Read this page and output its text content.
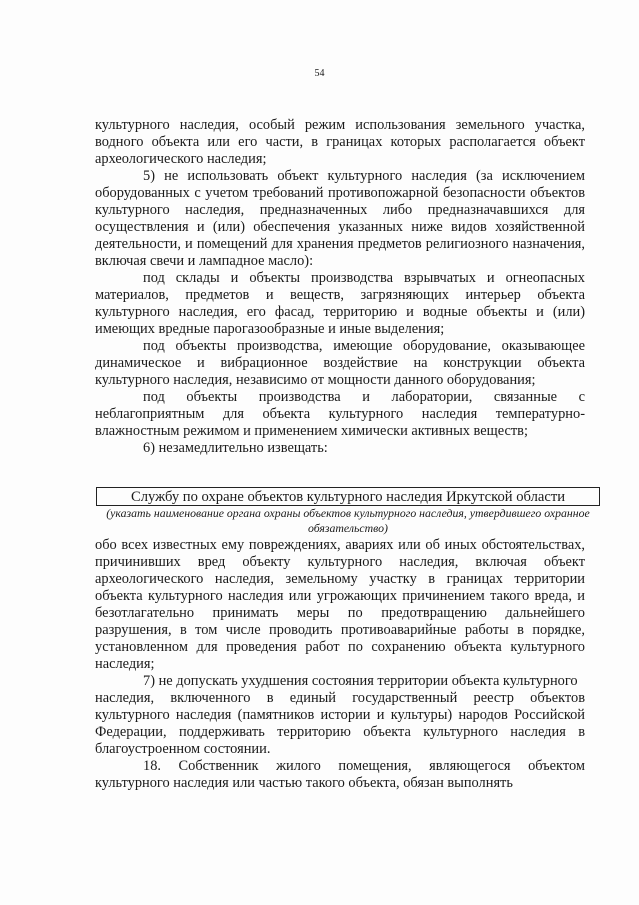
54

культурного наследия, особый режим использования земельного участка, водного объекта или его части, в границах которых располагается объект археологического наследия;

5) не использовать объект культурного наследия (за исключением оборудованных с учетом требований противопожарной безопасности объектов культурного наследия, предназначенных либо предназначавшихся для осуществления и (или) обеспечения указанных ниже видов хозяйственной деятельности, и помещений для хранения предметов религиозного назначения, включая свечи и лампадное масло):

под склады и объекты производства взрывчатых и огнеопасных материалов, предметов и веществ, загрязняющих интерьер объекта культурного наследия, его фасад, территорию и водные объекты и (или) имеющих вредные парогазообразные и иные выделения;

под объекты производства, имеющие оборудование, оказывающее динамическое и вибрационное воздействие на конструкции объекта культурного наследия, независимо от мощности данного оборудования;

под объекты производства и лаборатории, связанные с неблагоприятным для объекта культурного наследия температурно-влажностным режимом и применением химически активных веществ;

6) незамедлительно извещать:

Службу по охране объектов культурного наследия Иркутской области
(указать наименование органа охраны объектов культурного наследия, утвердившего охранное обязательство)

обо всех известных ему повреждениях, авариях или об иных обстоятельствах, причинивших вред объекту культурного наследия, включая объект археологического наследия, земельному участку в границах территории объекта культурного наследия или угрожающих причинением такого вреда, и безотлагательно принимать меры по предотвращению дальнейшего разрушения, в том числе проводить противоаварийные работы в порядке, установленном для проведения работ по сохранению объекта культурного наследия;

7) не допускать ухудшения состояния территории объекта культурного

наследия, включенного в единый государственный реестр объектов культурного наследия (памятников истории и культуры) народов Российской Федерации, поддерживать территорию объекта культурного наследия в благоустроенном состоянии.

18. Собственник жилого помещения, являющегося объектом культурного наследия или частью такого объекта, обязан выполнять
